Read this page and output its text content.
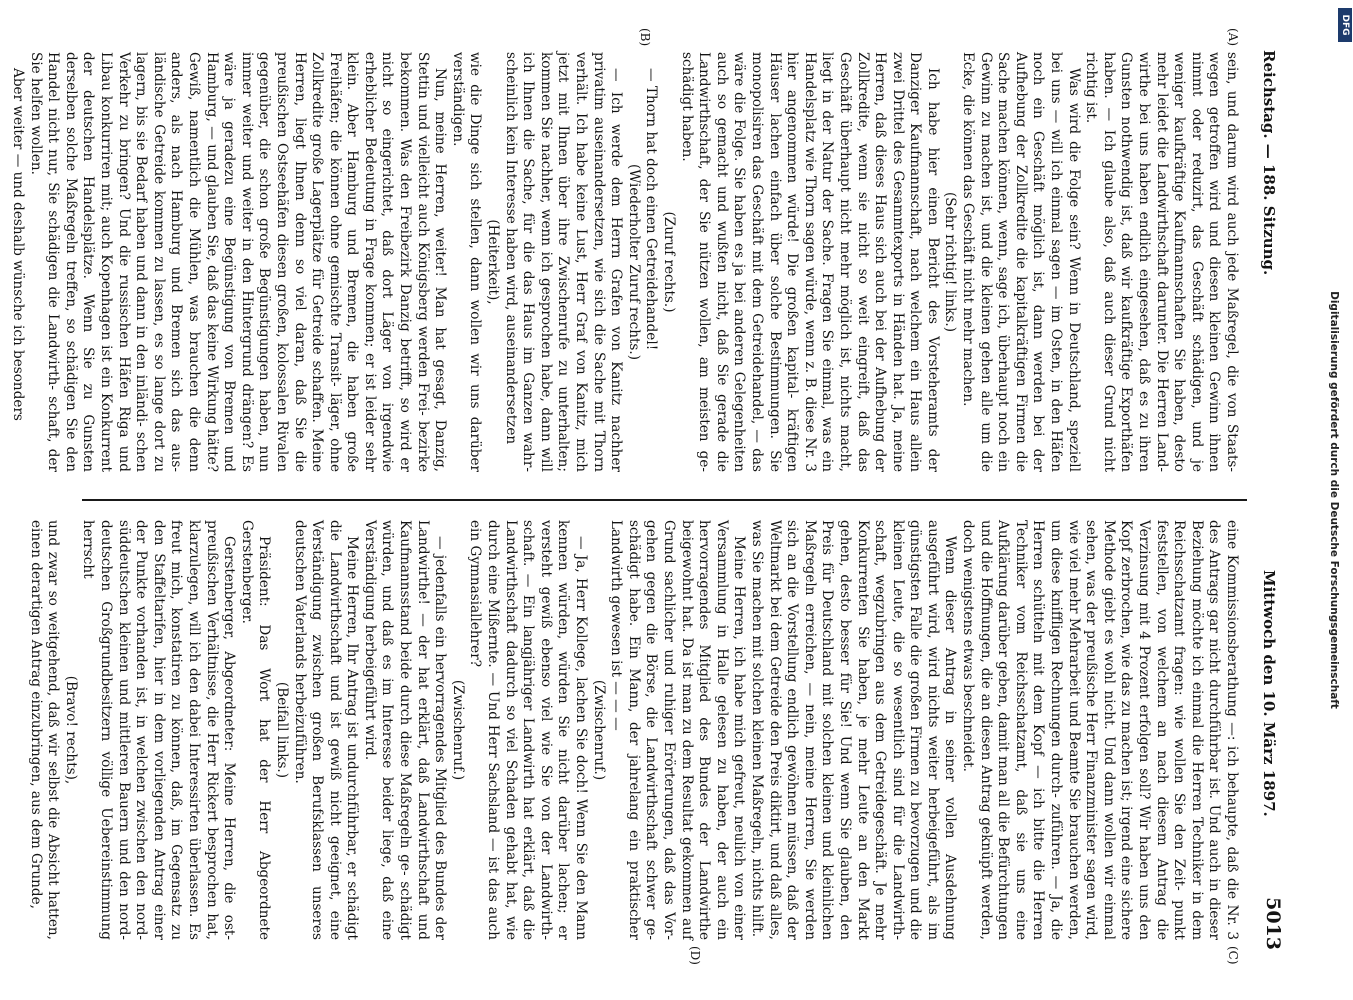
Reichstag. — 188. Sitzung.
Mittwoch den 10. März 1897.
5013
(A)
(B)
(C)
(D)

sein, und darum wird auch jede Maßregel, die von Staats- wegen getroffen wird und diesen kleinen Gewinn ihnen nimmt oder reduzirt, das Geschäft schädigen, und je weniger kaufkräftige Kaufmannschaften Sie haben, desto mehr leidet die Landwirthschaft darunter. Die Herren Land- wirthe bei uns haben endlich eingesehen, daß es zu ihren Gunsten nothwendig ist, daß wir kaufkräftige Exporthäfen haben. — Ich glaube also, daß auch dieser Grund nicht richtig ist.

Was wird die Folge sein? Wenn in Deutschland, speziell bei uns — will ich einmal sagen — im Osten, in den Häfen noch ein Geschäft möglich ist, dann werden bei der Aufhebung der Zollkredite die kapitalkräftigen Firmen die Sache machen können, wenn, sage ich, überhaupt noch ein Gewinn zu machen ist, und die kleinen gehen alle um die Ecke, die können das Geschäft nicht mehr machen.

(Sehr richtig! links.)

Ich habe hier einen Bericht des Vorsteheramts der Danziger Kaufmannschaft, nach welchem ein Haus allein zwei Drittel des Gesammtexports in Händen hat. Ja, meine Herren, daß dieses Haus sich auch bei der Aufhebung der Zollkredite, wenn sie nicht so weit eingreift, daß das Geschäft überhaupt nicht mehr möglich ist, nichts macht, liegt in der Natur der Sache. Fragen Sie einmal, was ein Handelsplatz wie Thorn sagen würde, wenn z. B. diese Nr. 3 hier angenommen würde! Die großen kapital- kräftigen Häuser lachen einfach über solche Bestimmungen. Sie monopolisiren das Geschäft mit dem Getreidehandel, — das wäre die Folge. Sie haben es ja bei anderen Gelegenheiten auch so gemacht und wußten nicht, daß Sie gerade die Landwirthschaft, der Sie nützen wollen, am meisten ge- schädigt haben.

(Zuruf rechts.)

— Thorn hat doch einen Getreidehandel!

(Wiederholter Zuruf rechts.)

— Ich werde dem Herrn Grafen von Kanitz nachher privatim auseinandersetzen, wie sich die Sache mit Thorn verhält. Ich habe keine Lust, Herr Graf von Kanitz, mich jetzt mit Ihnen über ihre Zwischenrufe zu unterhalten; kommen Sie nachher, wenn ich gesprochen habe, dann will ich Ihnen die Sache, für die das Haus im Ganzen wahr- scheinlich kein Interesse haben wird, auseinandersetzen

(Heiterkeit),

wie die Dinge sich stellen, dann wollen wir uns darüber verständigen.

Nun, meine Herren, weiter! Man hat gesagt, Danzig, Stettin und vielleicht auch Königsberg werden Frei- bezirke bekommen. Was den Freibezirk Danzig betrifft, so wird er nicht so eingerichtet, daß dort Läger von irgendwie erheblicher Bedeutung in Frage kommen; er ist leider sehr klein. Aber Hamburg und Bremen, die haben große Freihäfen; die können ohne gemischte Transit- läger, ohne Zollkredite große Lagerplätze für Getreide schaffen. Meine Herren, liegt Ihnen denn so viel daran, daß Sie die preußischen Ostseehäfen diesen großen, kolossalen Rivalen gegenüber, die schon große Begünstigungen haben, nun immer weiter und weiter in den Hintergrund drängen? Es wäre ja geradezu eine Begünstigung von Bremen und Hamburg, — und glauben Sie, daß das keine Wirkung hätte? Gewiß, namentlich die Mühlen, was brauchen die denn anders, als nach Hamburg und Bremen sich das aus- ländische Getreide kommen zu lassen, es so lange dort zu lagern, bis sie Bedarf haben und dann in den inländi- schen Verkehr zu bringen? Und die russischen Häfen Riga und Libau konkurriren mit; auch Kopenhagen ist ein Konkurrent der deutschen Handelsplätze. Wenn Sie zu Gunsten derselben solche Maßregeln treffen, so schädigen Sie den Handel nicht nur, Sie schädigen die Landwirth- schaft, der Sie helfen wollen.

Aber weiter — und deshalb wünsche ich besonders

eine Kommissionsberathung —: ich behaupte, daß die Nr. 3 des Antrags gar nicht durchführbar ist. Und auch in dieser Beziehung möchte ich einmal die Herren Techniker in dem Reichsschatzamt fragen: wie wollen Sie den Zeit- punkt feststellen, von welchem an nach diesem Antrag die Verzinsung mit 4 Prozent erfolgen soll? Wir haben uns den Kopf zerbrochen, wie das zu machen ist; irgend eine sichere Methode giebt es wohl nicht. Und dann wollen wir einmal sehen, was der preußische Herr Finanzminister sagen wird, wie viel mehr Mehrarbeit und Beamte Sie brauchen werden, um diese kniffligen Rechnungen durch- zuführen. — Ja, die Herren schütteln mit dem Kopf — ich bitte die Herren Techniker vom Reichsschatzamt, daß sie uns eine Aufklärung darüber geben, damit man all die Befürchtungen und die Hoffnungen, die an diesen Antrag geknüpft werden, doch wenigstens etwas beschneidet.

Wenn dieser Antrag in seiner vollen Ausdehnung ausgeführt wird, wird nichts weiter herbeigeführt, als im günstigsten Falle die großen Firmen zu bevorzugen und die kleinen Leute, die so wesentlich sind für die Landwirth- schaft, wegzubringen aus dem Getreidegeschäft. Je mehr Konkurrenten Sie haben, je mehr Leute an den Markt gehen, desto besser für Sie! Und wenn Sie glauben, den Preis für Deutschland mit solchen kleinen und kleinlichen Maßregeln erreichen, — nein, meine Herren, Sie werden sich an die Vorstellung endlich gewöhnen müssen, daß der Weltmarkt bei dem Getreide den Preis diktirt, und daß alles, was Sie machen mit solchen kleinen Maßregeln, nichts hilft.

Meine Herren, ich habe mich gefreut, neulich von einer Versammlung in Halle gelesen zu haben, der auch ein hervorragendes Mitglied des Bundes der Landwirthe beigewohnt hat. Da ist man zu dem Resultat gekommen auf Grund sachlicher und ruhiger Erörterungen, daß das Vor- gehen gegen die Börse, die Landwirthschaft schwer ge- schädigt habe. Ein Mann, der jahrelang ein praktischer Landwirth gewesen ist — — —

(Zwischenruf.)

— Ja, Herr Kollege, lachen Sie doch! Wenn Sie den Mann kennen würden, würden Sie nicht darüber lachen; er versteht gewiß ebenso viel wie Sie von der Landwirth- schaft. — Ein langjähriger Landwirth hat erklärt, daß die Landwirthschaft dadurch so viel Schaden gehabt hat, wie durch eine Mißernte. — Und Herr Sachsland — ist das auch ein Gymnasiallehrer?

(Zwischenruf.)

— jedenfalls ein hervorragendes Mitglied des Bundes der Landwirthe! — der hat erklärt, daß Landwirthschaft und Kaufmannsstand beide durch diese Maßregeln ge- schädigt würden, und daß es im Interesse beider liege, daß eine Verständigung herbeigeführt wird.

Meine Herren, Ihr Antrag ist undurchführbar, er schädigt die Landwirthschaft und ist gewiß nicht geeignet, eine Verständigung zwischen großen Berufsklassen unseres deutschen Vaterlands herbeizuführen.

(Beifall links.)

Präsident: Das Wort hat der Herr Abgeordnete Gerstenberger.

Gerstenberger, Abgeordneter: Meine Herren, die ost- preußischen Verhältnisse, die Herr Rickert besprochen hat, klarzulegen, will ich den dabei Interessirten überlassen. Es freut mich, konstatiren zu können, daß, im Gegensatz zu den Staffeltarifen, hier in dem vorliegenden Antrag einer der Punkte vorhanden ist, in welchen zwischen den nord- süddeutschen kleinen und mittleren Bauern und den nord- deutschen Großgrundbesitzern völlige Uebereinstimmung herrscht

(Bravo! rechts),

und zwar so weitgehend, daß wir selbst die Absicht hatten, einen derartigen Antrag einzubringen, aus dem Grunde,

DFG
Digitalisierung gefördert durch die Deutsche Forschungsgemeinschaft
